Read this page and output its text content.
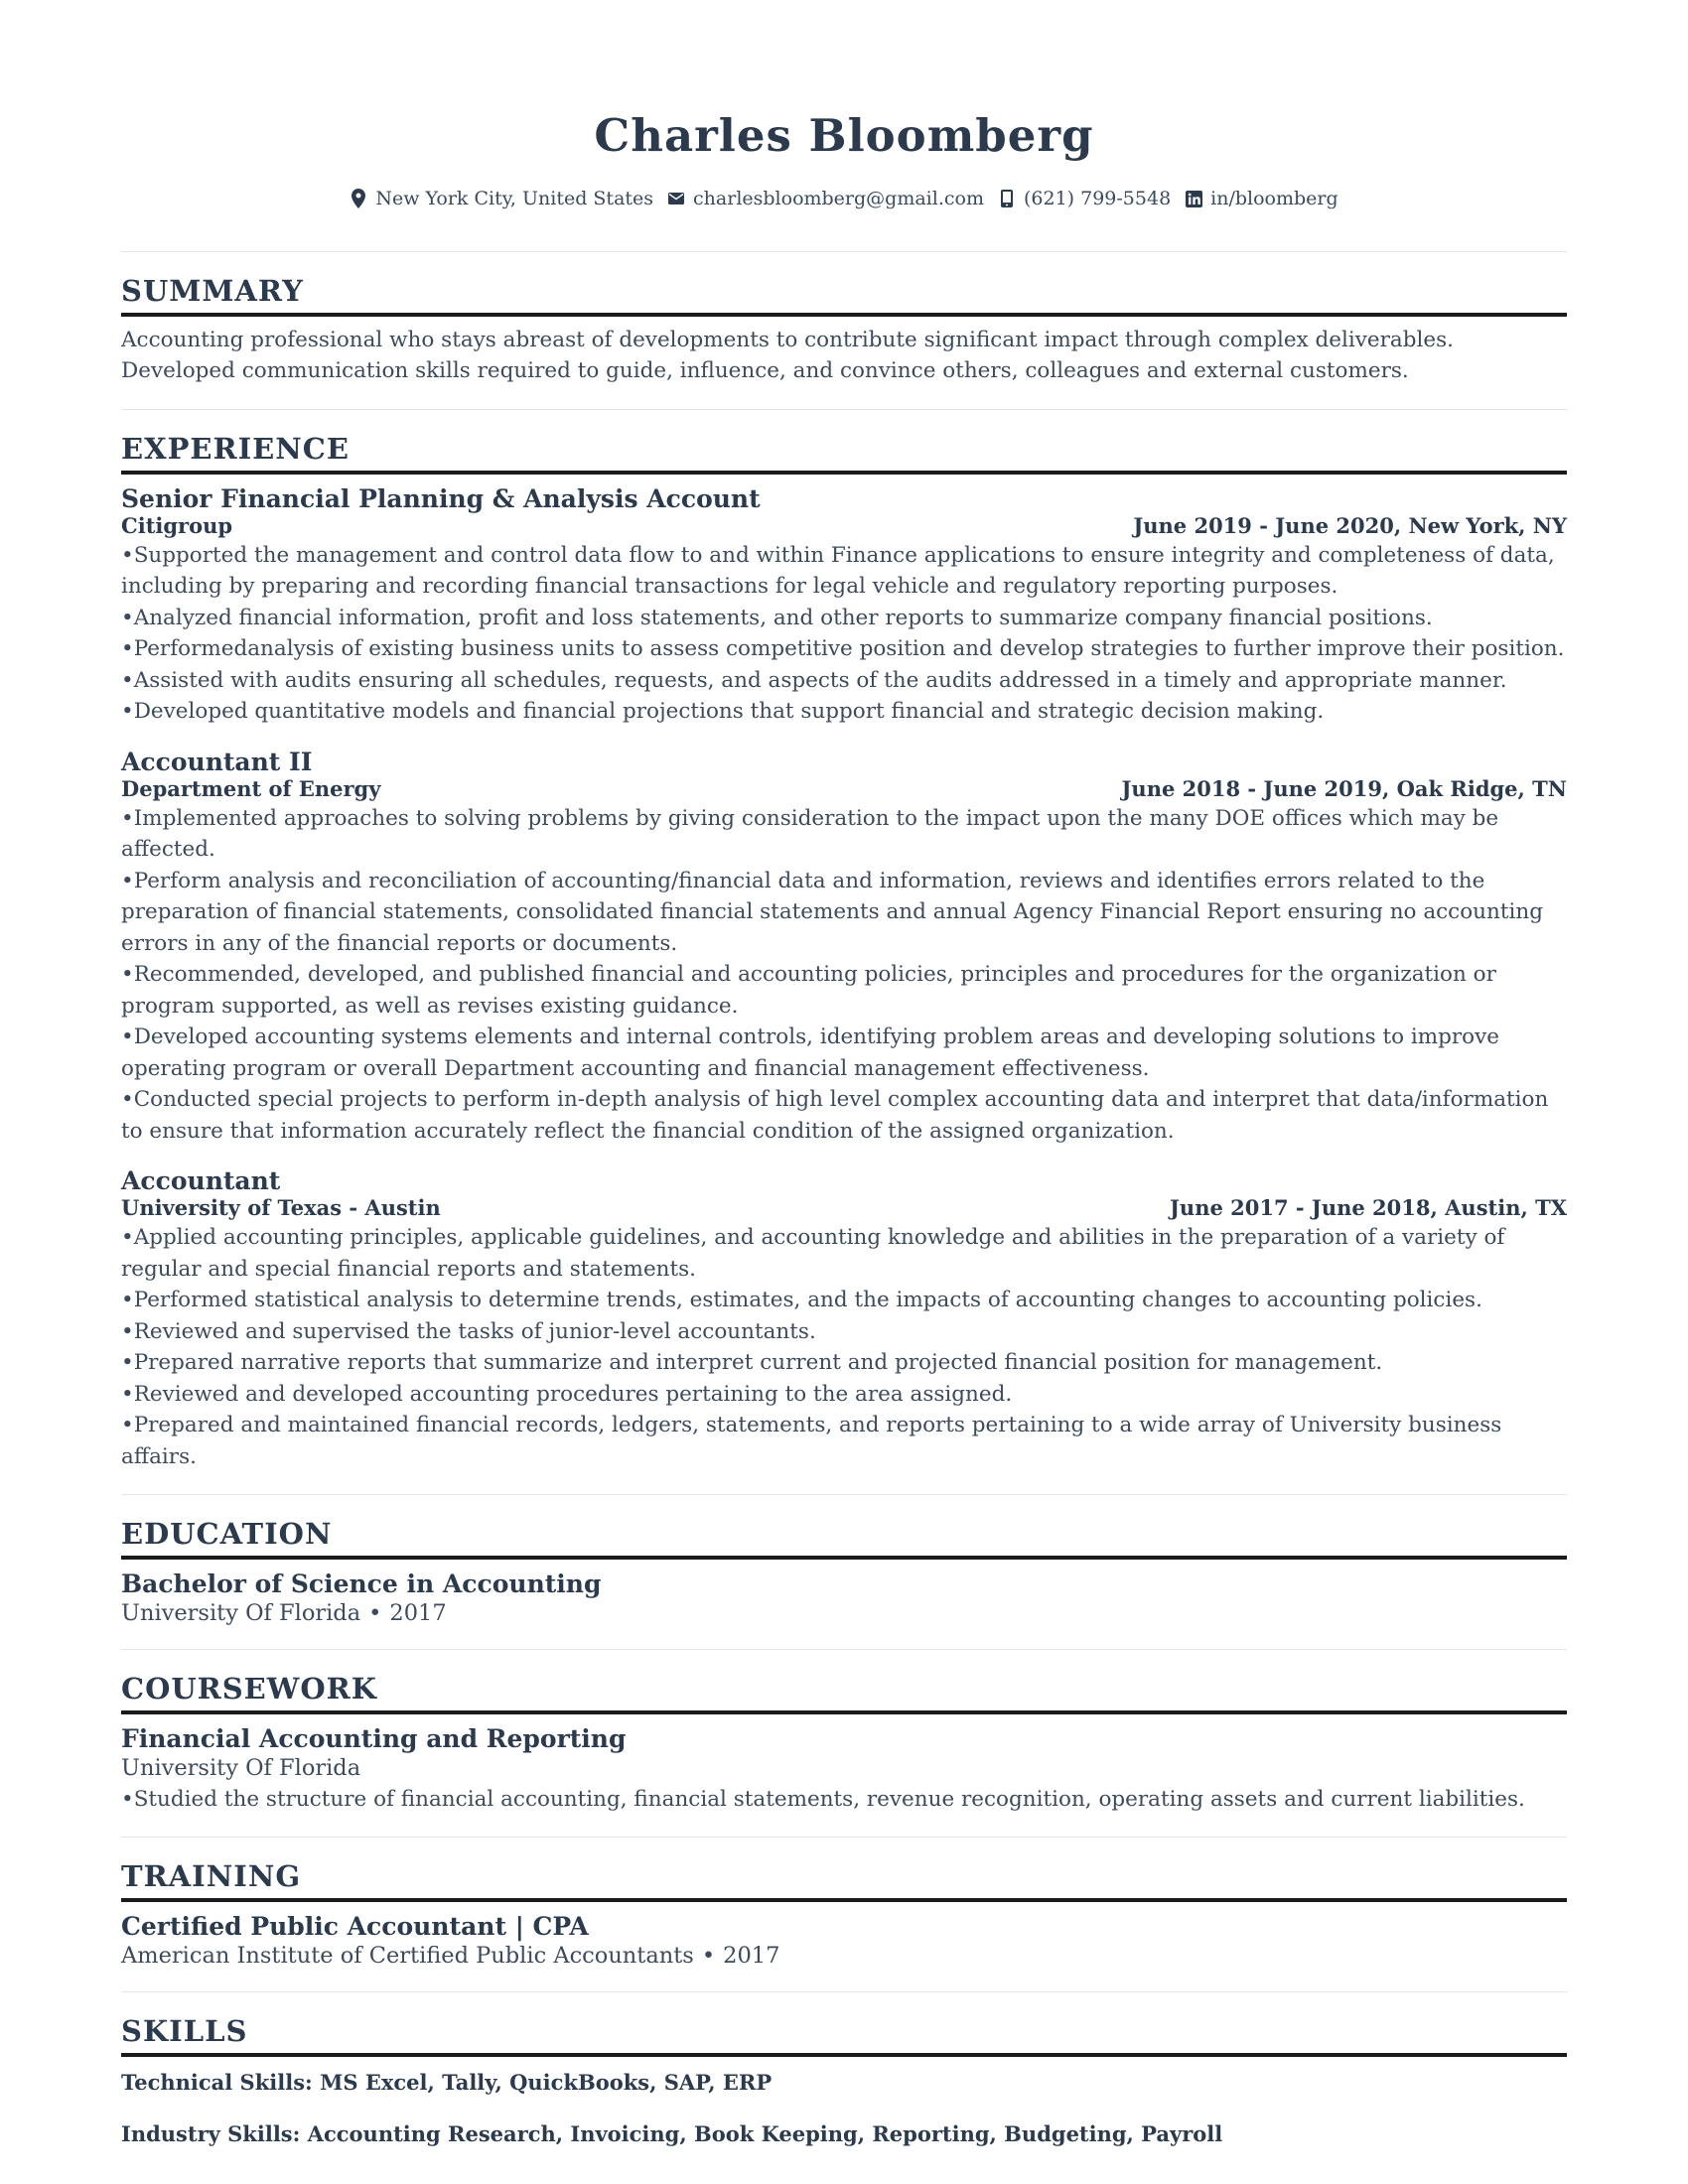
Charles Bloomberg
New York City, United States charlesbloomberg@gmail.com (621) 799-5548 in/bloomberg
SUMMARY

Accounting professional who stays abreast of developments to contribute significant impact through complex deliverables. Developed communication skills required to guide, influence, and convince others, colleagues and external customers.

EXPERIENCE
Senior Financial Planning & Analysis Account
Citigroup	June 2019 - June 2020, New York, NY
• Supported the management and control data flow to and within Finance applications to ensure integrity and completeness of data, including by preparing and recording financial transactions for legal vehicle and regulatory reporting purposes.
• Analyzed financial information, profit and loss statements, and other reports to summarize company financial positions.
• Performedanalysis of existing business units to assess competitive position and develop strategies to further improve their position.
• Assisted with audits ensuring all schedules, requests, and aspects of the audits addressed in a timely and appropriate manner.
• Developed quantitative models and financial projections that support financial and strategic decision making.
Accountant II
Department of Energy	June 2018 - June 2019, Oak Ridge, TN
• Implemented approaches to solving problems by giving consideration to the impact upon the many DOE offices which may be affected.
• Perform analysis and reconciliation of accounting/financial data and information, reviews and identifies errors related to the preparation of financial statements, consolidated financial statements and annual Agency Financial Report ensuring no accounting errors in any of the financial reports or documents.
• Recommended, developed, and published financial and accounting policies, principles and procedures for the organization or program supported, as well as revises existing guidance.
• Developed accounting systems elements and internal controls, identifying problem areas and developing solutions to improve operating program or overall Department accounting and financial management effectiveness.
• Conducted special projects to perform in-depth analysis of high level complex accounting data and interpret that data/information to ensure that information accurately reflect the financial condition of the assigned organization.
Accountant
University of Texas - Austin	June 2017 - June 2018, Austin, TX
• Applied accounting principles, applicable guidelines, and accounting knowledge and abilities in the preparation of a variety of regular and special financial reports and statements.
• Performed statistical analysis to determine trends, estimates, and the impacts of accounting changes to accounting policies.
• Reviewed and supervised the tasks of junior-level accountants.
• Prepared narrative reports that summarize and interpret current and projected financial position for management.
• Reviewed and developed accounting procedures pertaining to the area assigned.
• Prepared and maintained financial records, ledgers, statements, and reports pertaining to a wide array of University business affairs.
EDUCATION
Bachelor of Science in Accounting
University Of Florida • 2017
COURSEWORK
Financial Accounting and Reporting
University Of Florida
• Studied the structure of financial accounting, financial statements, revenue recognition, operating assets and current liabilities.
TRAINING
Certified Public Accountant | CPA
American Institute of Certified Public Accountants • 2017
SKILLS
Technical Skills: MS Excel, Tally, QuickBooks, SAP, ERP
Industry Skills: Accounting Research, Invoicing, Book Keeping, Reporting, Budgeting, Payroll
